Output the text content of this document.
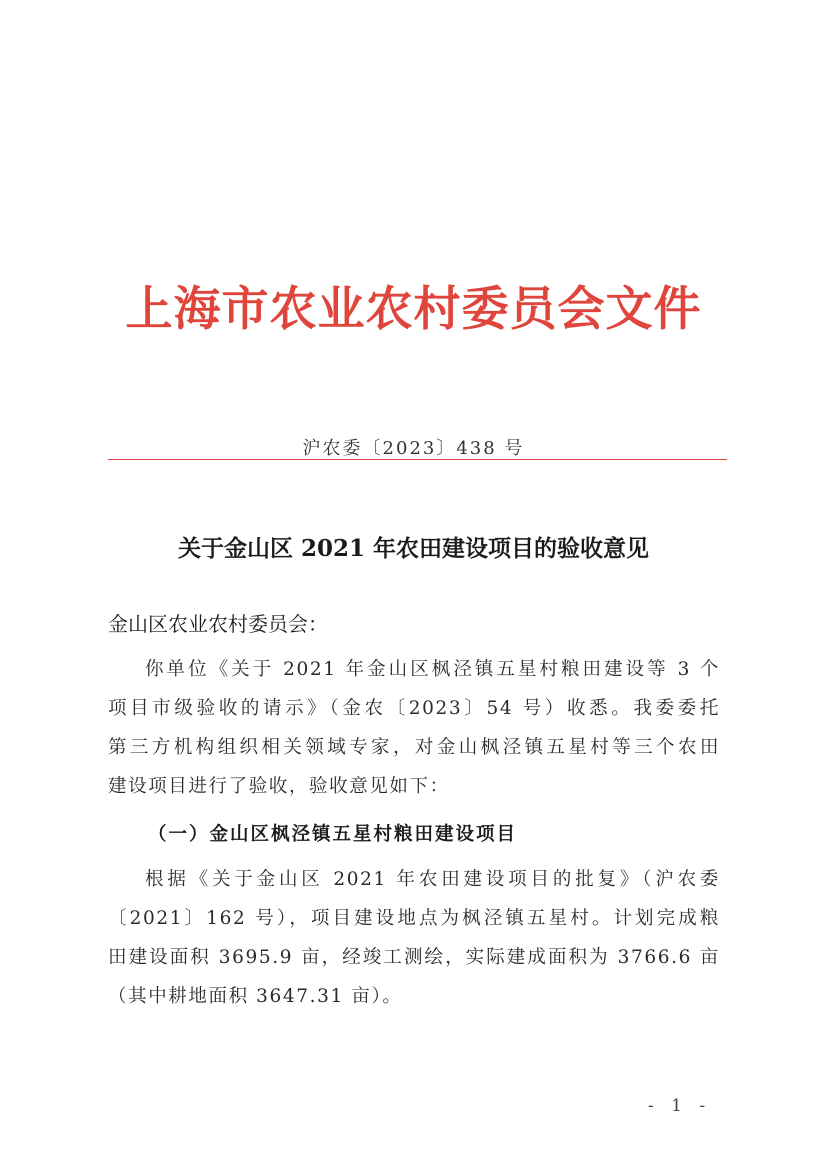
上海市农业农村委员会文件
沪农委〔2023〕438 号
关于金山区 2021 年农田建设项目的验收意见
金山区农业农村委员会：
你单位《关于 2021 年金山区枫泾镇五星村粮田建设等 3 个
项目市级验收的请示》（金农〔2023〕54 号）收悉。我委委托
第三方机构组织相关领域专家，对金山枫泾镇五星村等三个农田
建设项目进行了验收，验收意见如下：
（一）金山区枫泾镇五星村粮田建设项目
根据《关于金山区 2021 年农田建设项目的批复》（沪农委
〔2021〕162 号），项目建设地点为枫泾镇五星村。计划完成粮
田建设面积 3695.9 亩，经竣工测绘，实际建成面积为 3766.6 亩
（其中耕地面积 3647.31 亩）。
- 1 -
